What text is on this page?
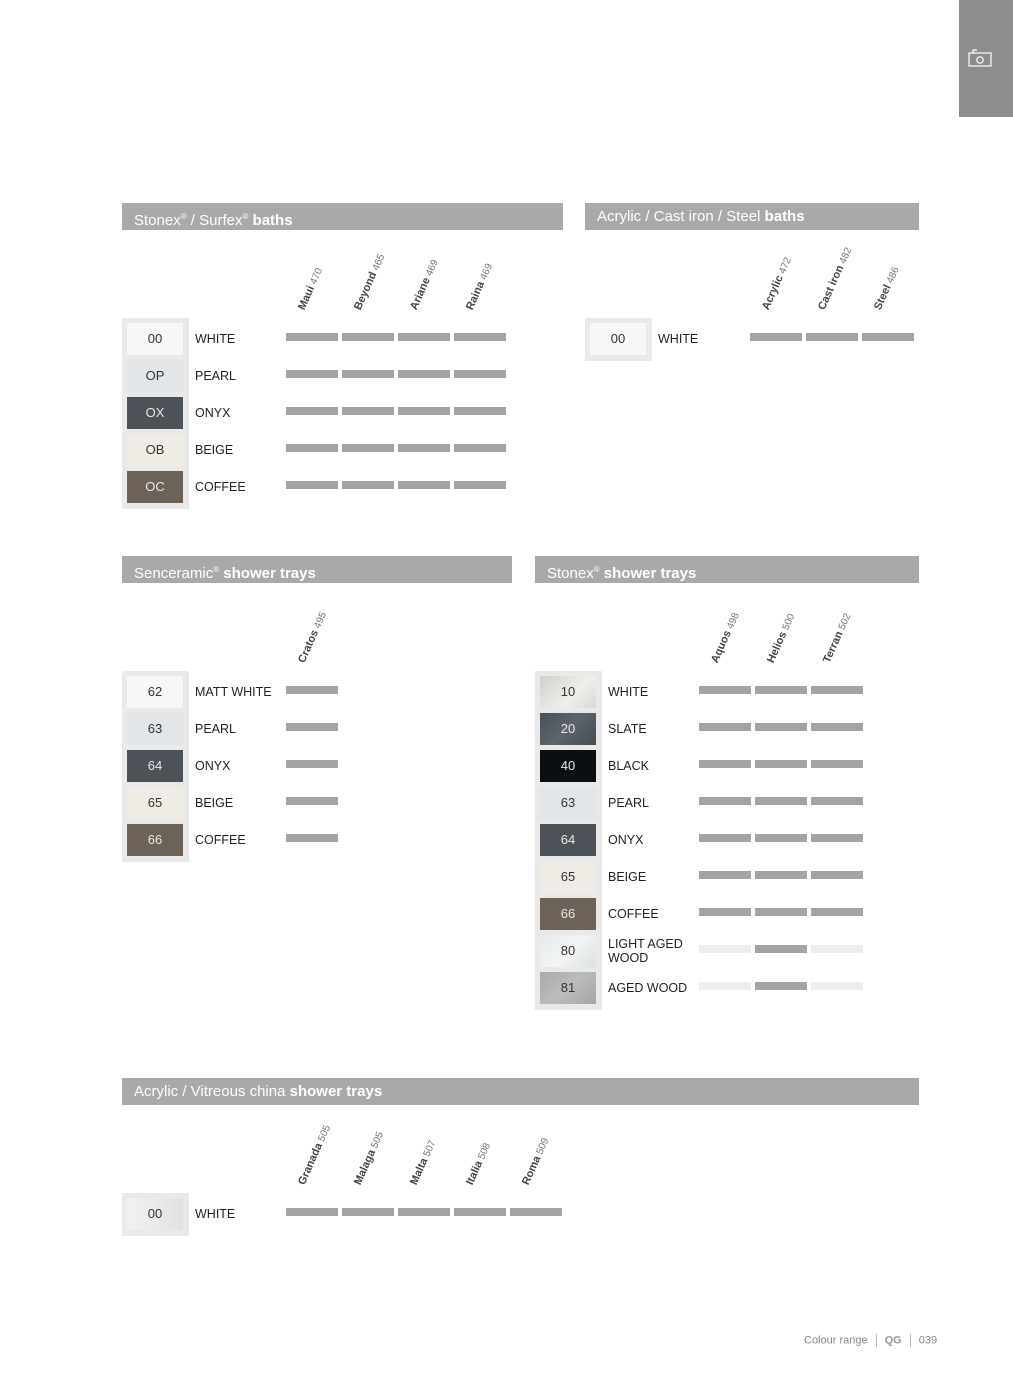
Colour range QG 039
Stonex® / Surfex® baths
Maui470 Beyond465
Ariane469
Raina469
00	WHITE
OP	PEARL
OX	ONYX
OB	BEIGE
OC	COFFEE
Acrylic / Cast iron / Steel baths
Acrylic472 Cast iron482
Steel486
00	WHITE
Senceramic® shower trays
Cratos495
62	MATT WHITE
63	PEARL
64	ONYX
65	BEIGE
66	COFFEE
Stonex® shower trays
Aquos498
Helios500
Terran502
10	WHITE
20	SLATE
40	BLACK
63	PEARL
64	ONYX
65	BEIGE
66	COFFEE
80	LIGHT AGED WOOD
81	AGED WOOD
Acrylic / Vitreous china shower trays
Granada505
Malaga505
Malta507
Italia508
Roma509
00	WHITE
